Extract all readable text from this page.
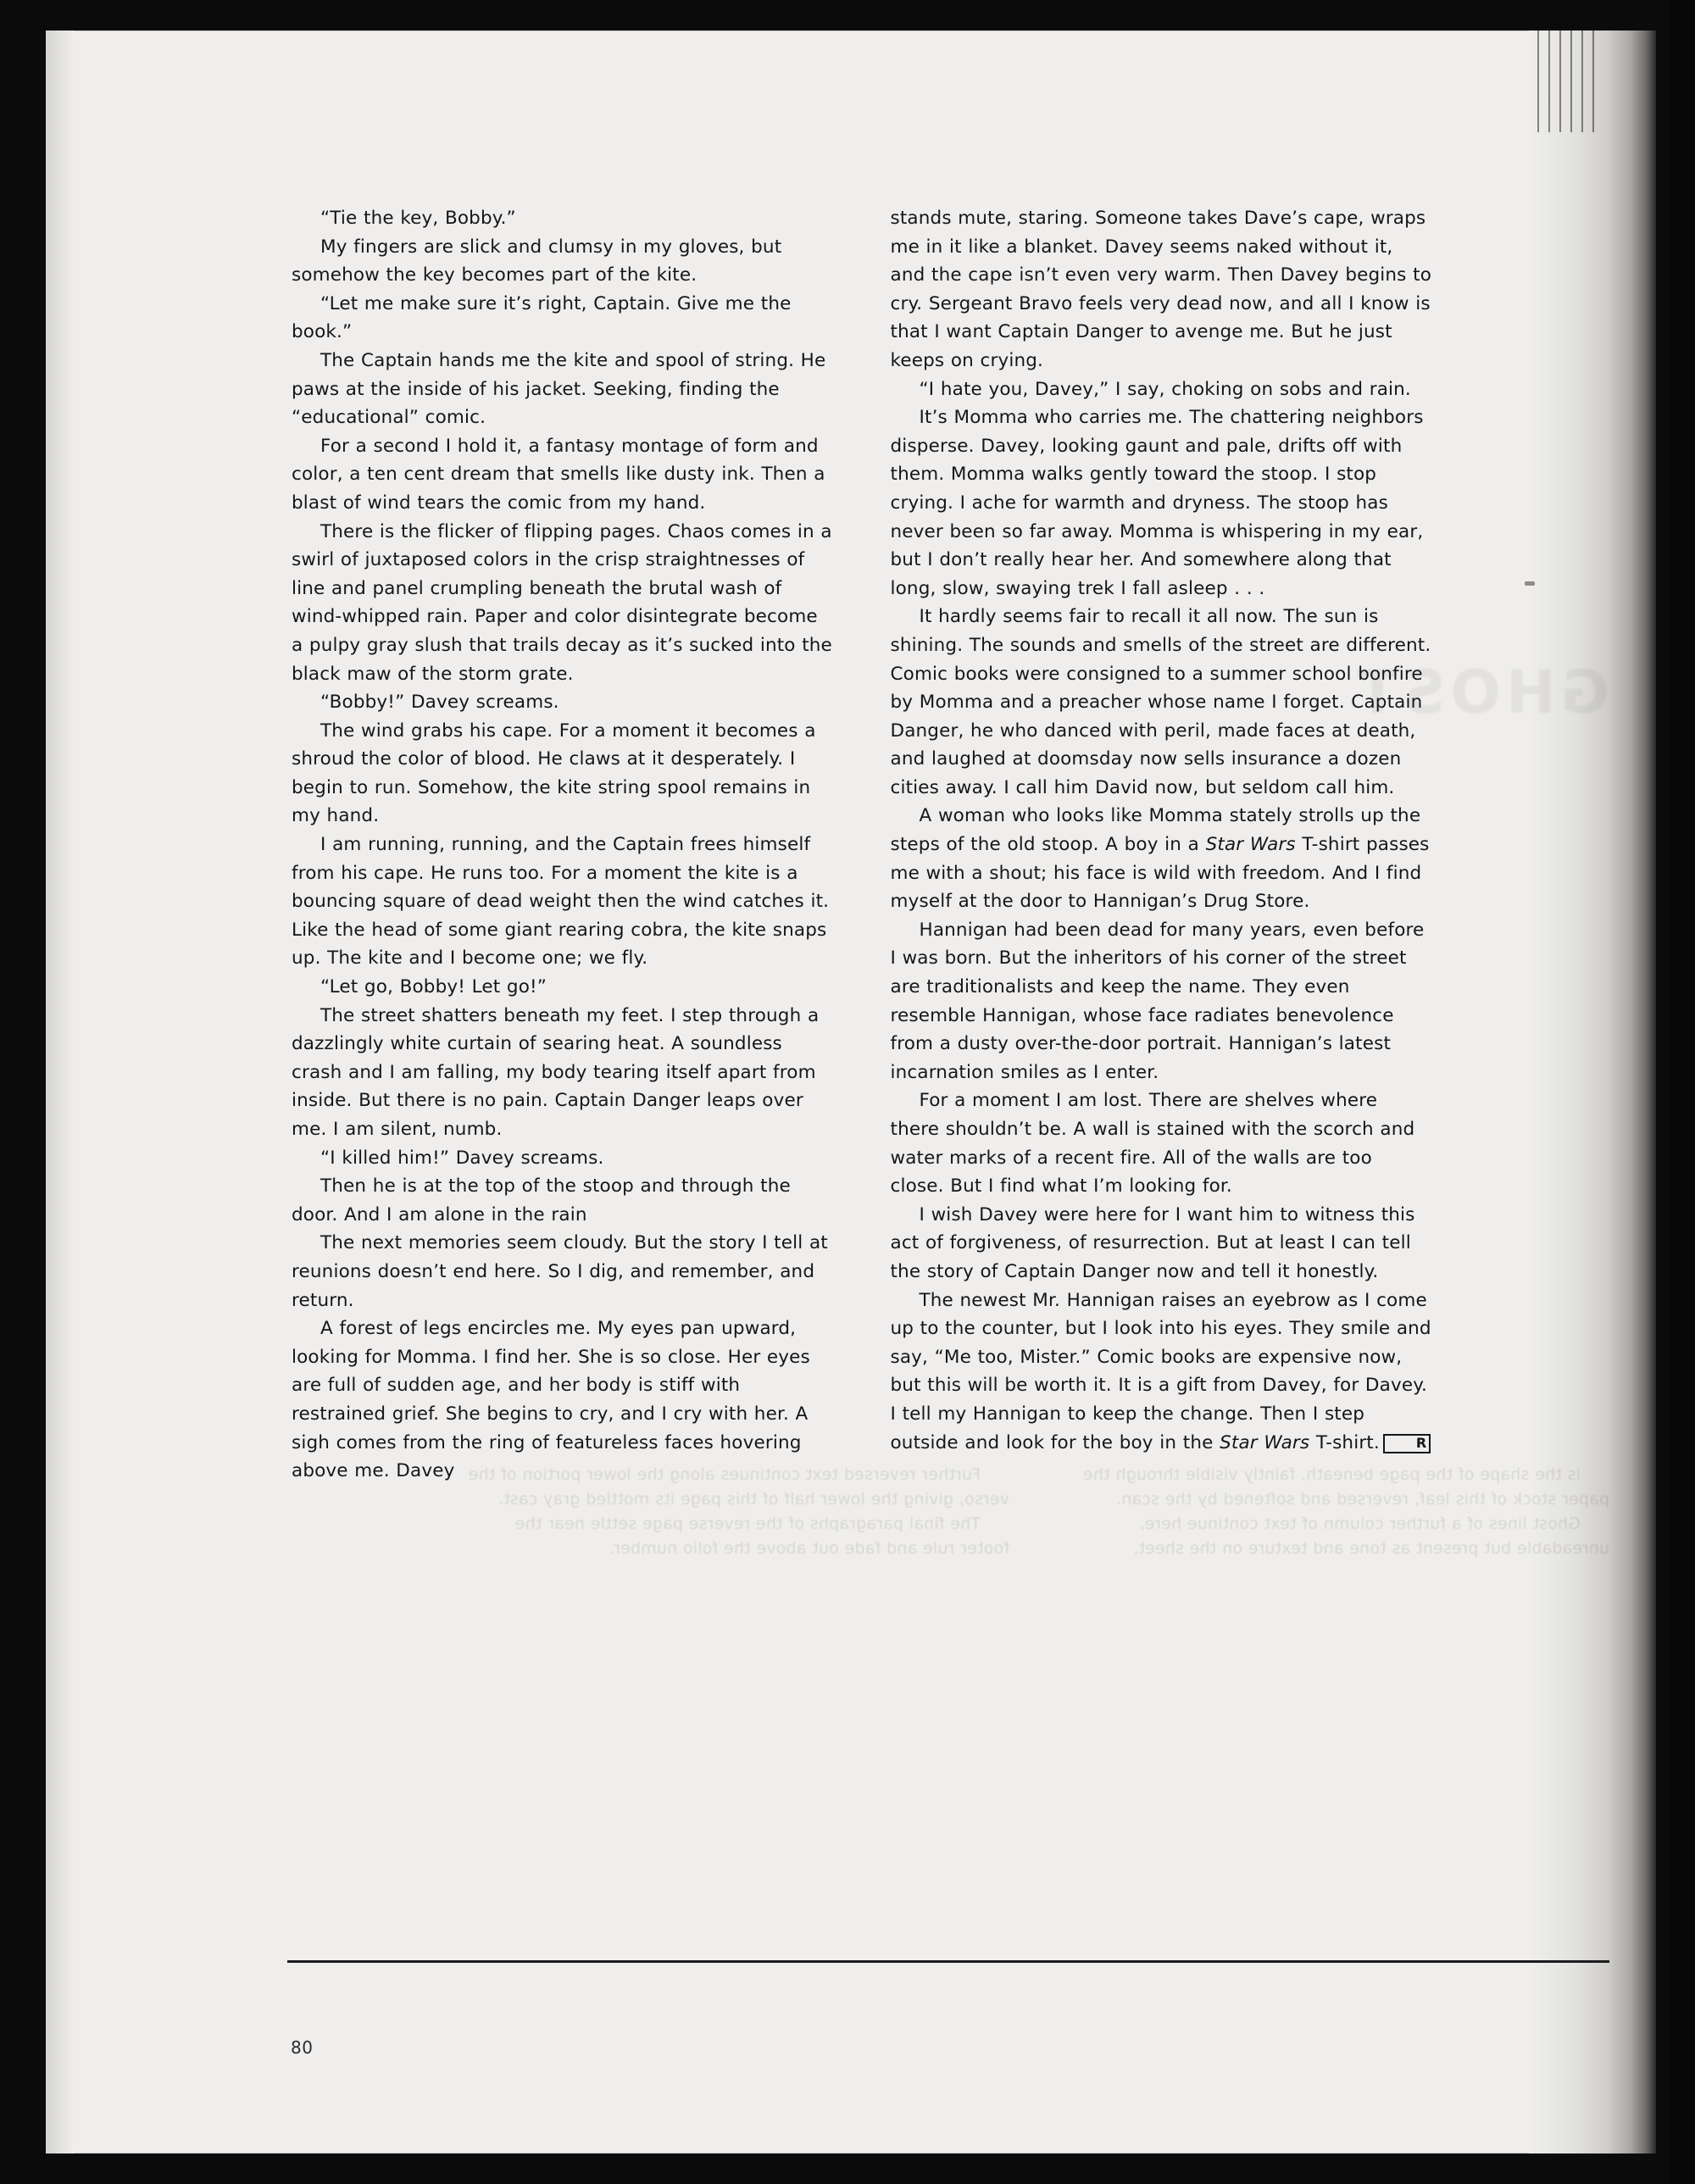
GHOST

“Tie the key, Bobby.”

My fingers are slick and clumsy in my gloves, but somehow the key becomes part of the kite.

“Let me make sure it’s right, Captain. Give me the book.”

The Captain hands me the kite and spool of string. He paws at the inside of his jacket. Seeking, finding the “educational” comic.

For a second I hold it, a fantasy montage of form and color, a ten cent dream that smells like dusty ink. Then a blast of wind tears the comic from my hand.

There is the flicker of flipping pages. Chaos comes in a swirl of juxtaposed colors in the crisp straightnesses of line and panel crumpling beneath the brutal wash of wind-whipped rain. Paper and color disintegrate become a pulpy gray slush that trails decay as it’s sucked into the black maw of the storm grate.

“Bobby!” Davey screams.

The wind grabs his cape. For a moment it becomes a shroud the color of blood. He claws at it desperately. I begin to run. Somehow, the kite string spool remains in my hand.

I am running, running, and the Captain frees himself from his cape. He runs too. For a moment the kite is a bouncing square of dead weight then the wind catches it. Like the head of some giant rearing cobra, the kite snaps up. The kite and I become one; we fly.

“Let go, Bobby! Let go!”

The street shatters beneath my feet. I step through a dazzlingly white curtain of searing heat. A soundless crash and I am falling, my body tearing itself apart from inside. But there is no pain. Captain Danger leaps over me. I am silent, numb.

“I killed him!” Davey screams.

Then he is at the top of the stoop and through the door. And I am alone in the rain

The next memories seem cloudy. But the story I tell at reunions doesn’t end here. So I dig, and remember, and return.

A forest of legs encircles me. My eyes pan upward, looking for Momma. I find her. She is so close. Her eyes are full of sudden age, and her body is stiff with restrained grief. She begins to cry, and I cry with her. A sigh comes from the ring of featureless faces hovering above me. Davey

stands mute, staring. Someone takes Dave’s cape, wraps me in it like a blanket. Davey seems naked without it, and the cape isn’t even very warm. Then Davey begins to cry. Sergeant Bravo feels very dead now, and all I know is that I want Captain Danger to avenge me. But he just keeps on crying.

“I hate you, Davey,” I say, choking on sobs and rain.

It’s Momma who carries me. The chattering neighbors disperse. Davey, looking gaunt and pale, drifts off with them. Momma walks gently toward the stoop. I stop crying. I ache for warmth and dryness. The stoop has never been so far away. Momma is whispering in my ear, but I don’t really hear her. And somewhere along that long, slow, swaying trek I fall asleep . . .

It hardly seems fair to recall it all now. The sun is shining. The sounds and smells of the street are different. Comic books were consigned to a summer school bonfire by Momma and a preacher whose name I forget. Captain Danger, he who danced with peril, made faces at death, and laughed at doomsday now sells insurance a dozen cities away. I call him David now, but seldom call him.

A woman who looks like Momma stately strolls up the steps of the old stoop. A boy in a Star Wars T-shirt passes me with a shout; his face is wild with freedom. And I find myself at the door to Hannigan’s Drug Store.

Hannigan had been dead for many years, even before I was born. But the inheritors of his corner of the street are traditionalists and keep the name. They even resemble Hannigan, whose face radiates benevolence from a dusty over-the-door portrait. Hannigan’s latest incarnation smiles as I enter.

For a moment I am lost. There are shelves where there shouldn’t be. A wall is stained with the scorch and water marks of a recent fire. All of the walls are too close. But I find what I’m looking for.

I wish Davey were here for I want him to witness this act of forgiveness, of resurrection. But at least I can tell the story of Captain Danger now and tell it honestly.

The newest Mr. Hannigan raises an eyebrow as I come up to the counter, but I look into his eyes. They smile and say, “Me too, Mister.” Comic books are expensive now, but this will be worth it. It is a gift from Davey, for Davey. I tell my Hannigan to keep the change. Then I step outside and look for the boy in the Star Wars T-shirt.	R

is the shape of the page beneath, faintly visible through the paper stock of this leaf, reversed and softened by the scan.

Ghost lines of a further column of text continue here, unreadable but present as tone and texture on the sheet.

Further reversed text continues along the lower portion of the verso, giving the lower half of this page its mottled gray cast.

The final paragraphs of the reverse page settle near the footer rule and fade out above the folio number.

80
